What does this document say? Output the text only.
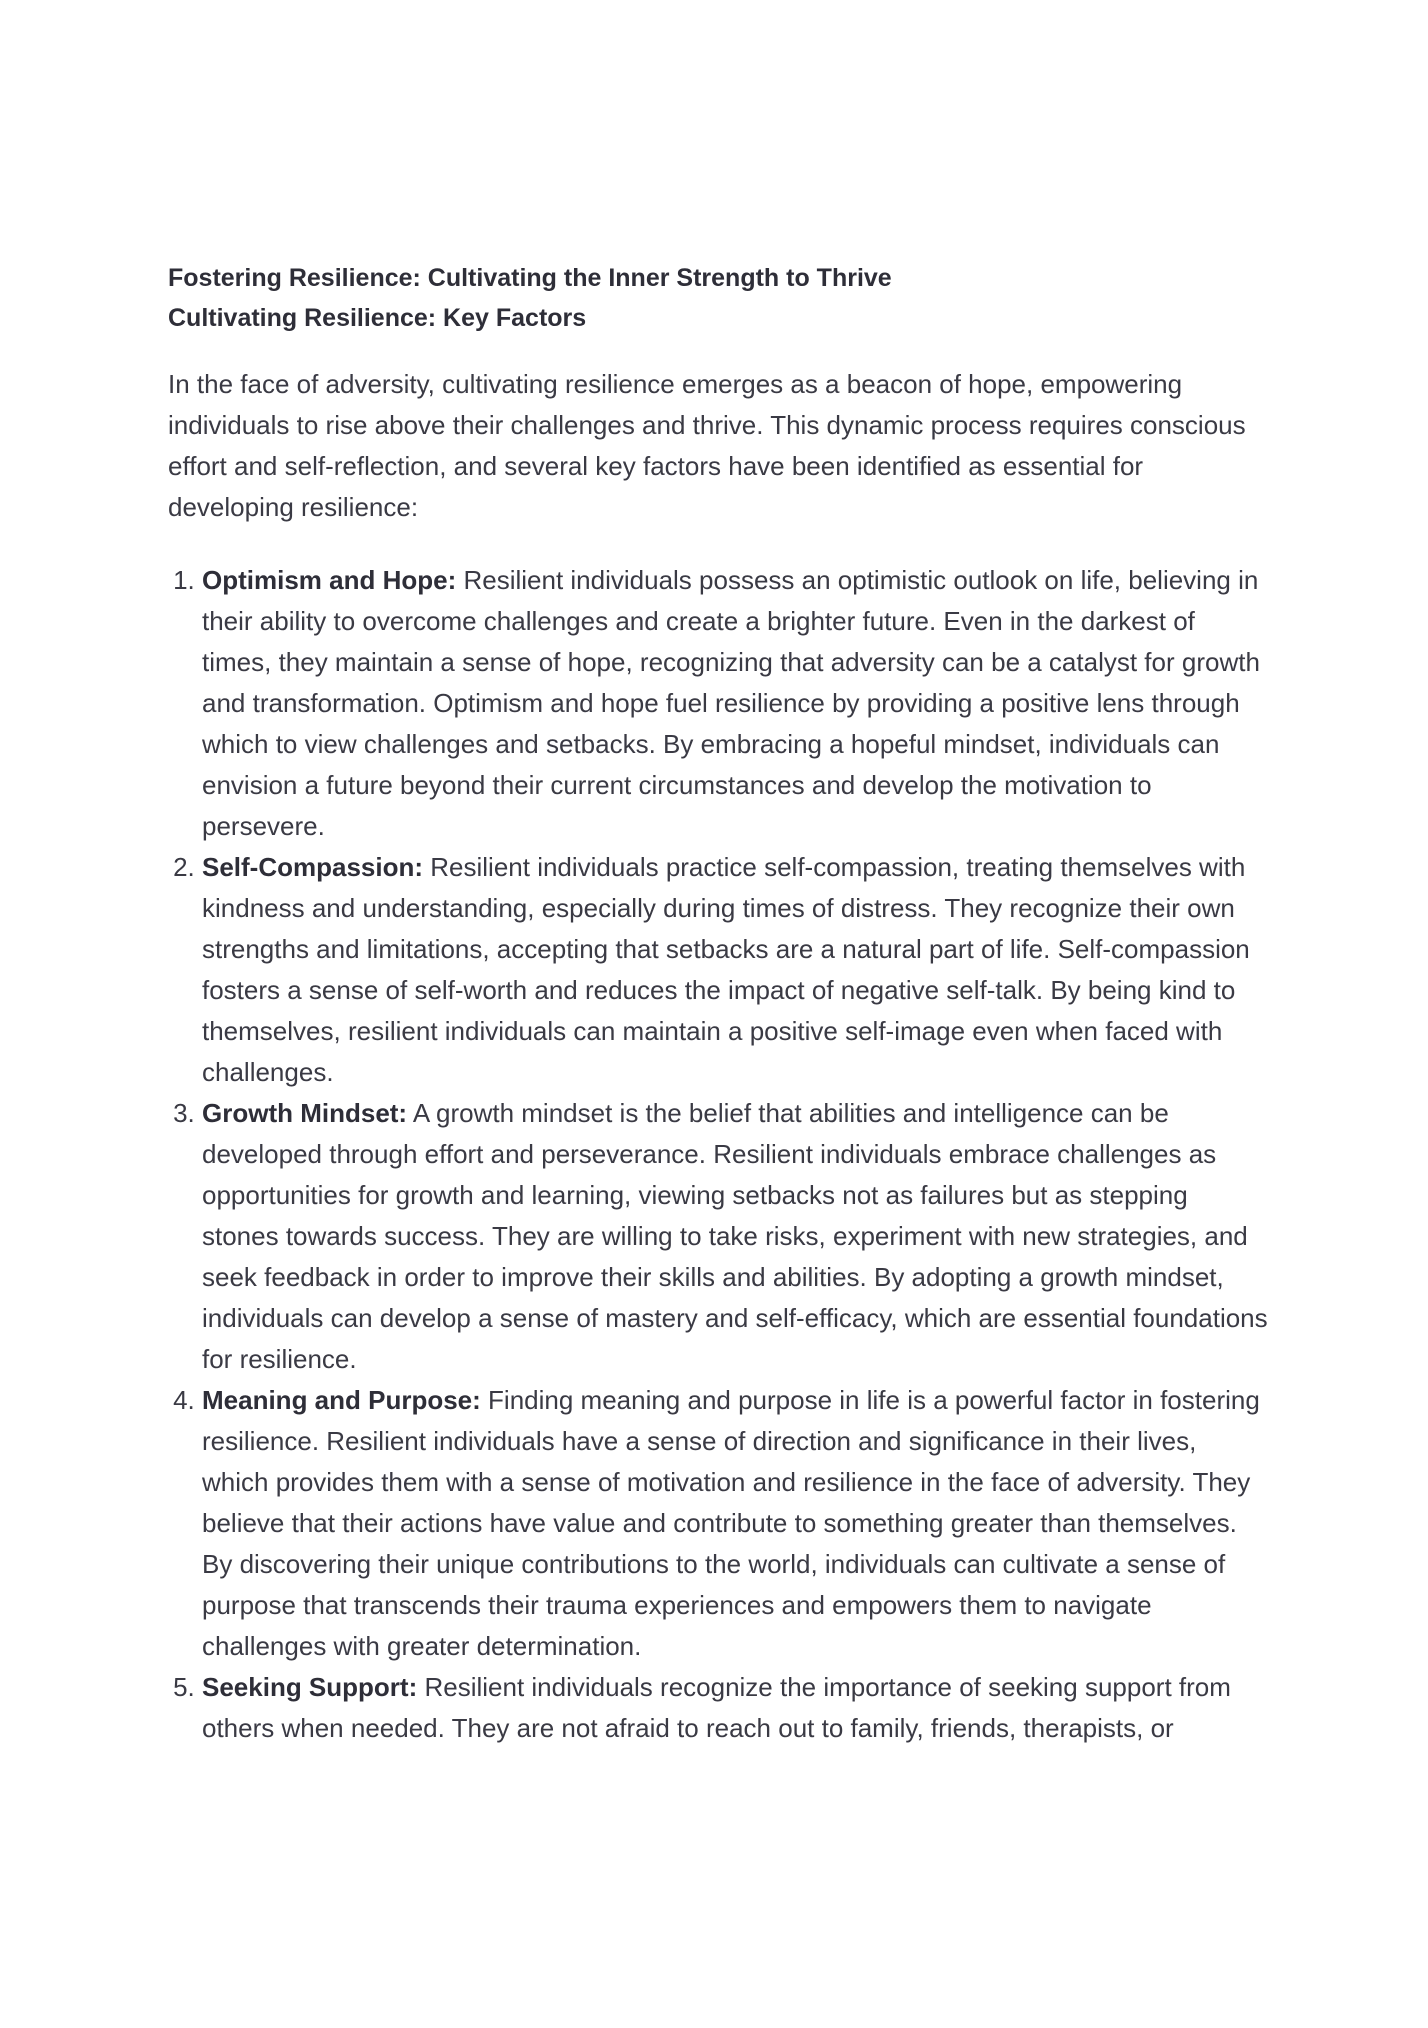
Fostering Resilience: Cultivating the Inner Strength to Thrive
Cultivating Resilience: Key Factors

In the face of adversity, cultivating resilience emerges as a beacon of hope, empowering individuals to rise above their challenges and thrive. This dynamic process requires conscious effort and self-reflection, and several key factors have been identified as essential for developing resilience:

1. Optimism and Hope: Resilient individuals possess an optimistic outlook on life, believing in their ability to overcome challenges and create a brighter future. Even in the darkest of times, they maintain a sense of hope, recognizing that adversity can be a catalyst for growth and transformation. Optimism and hope fuel resilience by providing a positive lens through which to view challenges and setbacks. By embracing a hopeful mindset, individuals can envision a future beyond their current circumstances and develop the motivation to persevere.
2. Self-Compassion: Resilient individuals practice self-compassion, treating themselves with kindness and understanding, especially during times of distress. They recognize their own strengths and limitations, accepting that setbacks are a natural part of life. Self-compassion fosters a sense of self-worth and reduces the impact of negative self-talk. By being kind to themselves, resilient individuals can maintain a positive self-image even when faced with challenges.
3. Growth Mindset: A growth mindset is the belief that abilities and intelligence can be developed through effort and perseverance. Resilient individuals embrace challenges as opportunities for growth and learning, viewing setbacks not as failures but as stepping stones towards success. They are willing to take risks, experiment with new strategies, and seek feedback in order to improve their skills and abilities. By adopting a growth mindset, individuals can develop a sense of mastery and self-efficacy, which are essential foundations for resilience.
4. Meaning and Purpose: Finding meaning and purpose in life is a powerful factor in fostering resilience. Resilient individuals have a sense of direction and significance in their lives, which provides them with a sense of motivation and resilience in the face of adversity. They believe that their actions have value and contribute to something greater than themselves. By discovering their unique contributions to the world, individuals can cultivate a sense of purpose that transcends their trauma experiences and empowers them to navigate challenges with greater determination.
5. Seeking Support: Resilient individuals recognize the importance of seeking support from others when needed. They are not afraid to reach out to family, friends, therapists, or
